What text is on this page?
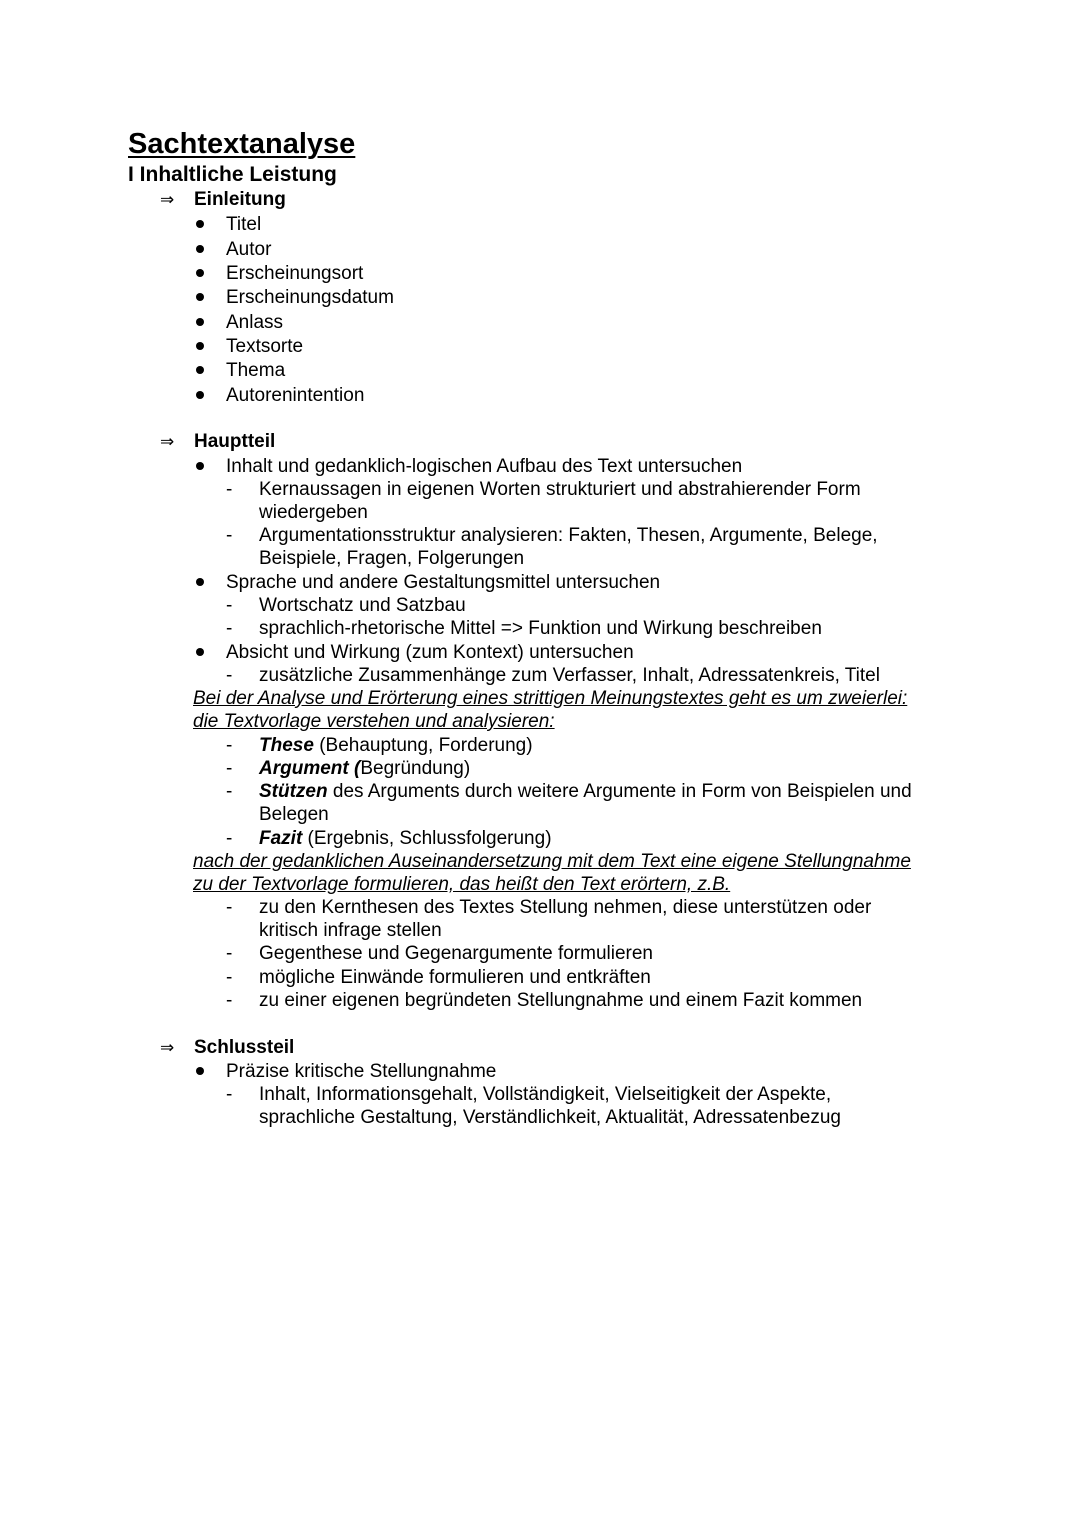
Sachtextanalyse
I Inhaltliche Leistung
⇒ Einleitung
Titel
Autor
Erscheinungsort
Erscheinungsdatum
Anlass
Textsorte
Thema
Autorenintention
⇒ Hauptteil
Inhalt und gedanklich-logischen Aufbau des Text untersuchen
- Kernaussagen in eigenen Worten strukturiert und abstrahierender Form
wiedergeben
- Argumentationsstruktur analysieren: Fakten, Thesen, Argumente, Belege,
Beispiele, Fragen, Folgerungen
Sprache und andere Gestaltungsmittel untersuchen
- Wortschatz und Satzbau
- sprachlich-rhetorische Mittel => Funktion und Wirkung beschreiben
Absicht und Wirkung (zum Kontext) untersuchen
- zusätzliche Zusammenhänge zum Verfasser, Inhalt, Adressatenkreis, Titel
Bei der Analyse und Erörterung eines strittigen Meinungstextes geht es um zweierlei:
die Textvorlage verstehen und analysieren:
- These (Behauptung, Forderung)
- Argument (Begründung)
- Stützen des Arguments durch weitere Argumente in Form von Beispielen und
Belegen
- Fazit (Ergebnis, Schlussfolgerung)
nach der gedanklichen Auseinandersetzung mit dem Text eine eigene Stellungnahme
zu der Textvorlage formulieren, das heißt den Text erörtern, z.B.
- zu den Kernthesen des Textes Stellung nehmen, diese unterstützen oder
kritisch infrage stellen
- Gegenthese und Gegenargumente formulieren
- mögliche Einwände formulieren und entkräften
- zu einer eigenen begründeten Stellungnahme und einem Fazit kommen
⇒ Schlussteil
Präzise kritische Stellungnahme
- Inhalt, Informationsgehalt, Vollständigkeit, Vielseitigkeit der Aspekte,
sprachliche Gestaltung, Verständlichkeit, Aktualität, Adressatenbezug
